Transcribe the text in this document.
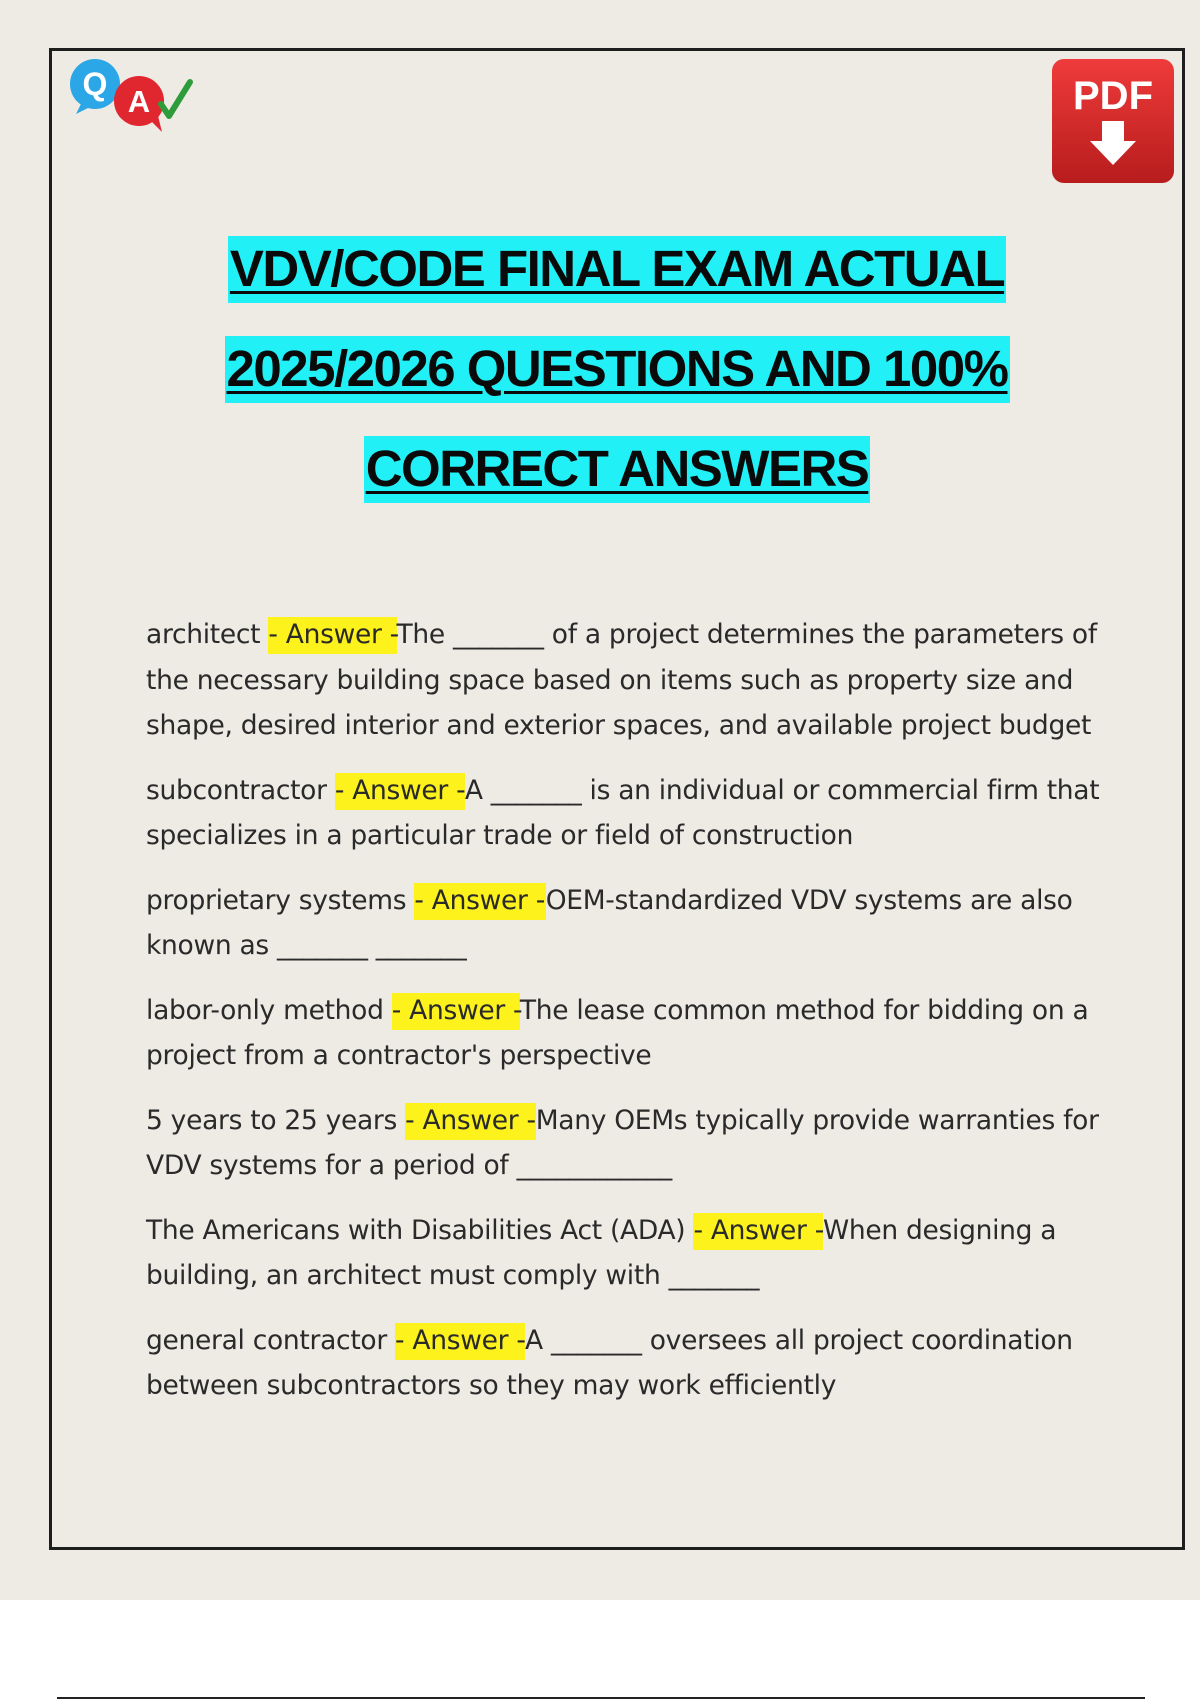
Q A	PDF
VDV/CODE FINAL EXAM ACTUAL
2025/2026 QUESTIONS AND 100%
CORRECT ANSWERS
architect - Answer -The _______ of a project determines the parameters of the necessary building space based on items such as property size and shape, desired interior and exterior spaces, and available project budget
subcontractor - Answer -A _______ is an individual or commercial firm that specializes in a particular trade or field of construction
proprietary systems - Answer -OEM-standardized VDV systems are also known as _______ _______
labor-only method - Answer -The lease common method for bidding on a project from a contractor's perspective
5 years to 25 years - Answer -Many OEMs typically provide warranties for VDV systems for a period of ____________
The Americans with Disabilities Act (ADA) - Answer -When designing a building, an architect must comply with _______
general contractor - Answer -A _______ oversees all project coordination between subcontractors so they may work efficiently
